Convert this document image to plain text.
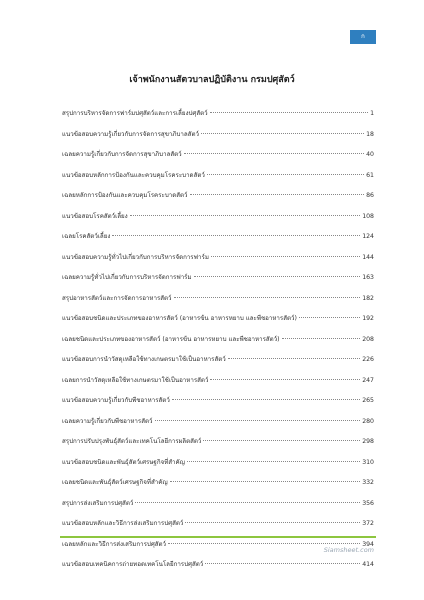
ก
เจ้าพนักงานสัตวบาลปฏิบัติงาน กรมปศุสัตว์
สรุปการบริหารจัดการฟาร์มปศุสัตว์และการเลี้ยงปศุสัตว์	1
แนวข้อสอบความรู้เกี่ยวกับการจัดการสุขาภิบาลสัตว์	18
เฉลยความรู้เกี่ยวกับการจัดการสุขาภิบาลสัตว์	40
แนวข้อสอบหลักการป้องกันและควบคุมโรคระบาดสัตว์	61
เฉลยหลักการป้องกันและควบคุมโรคระบาดสัตว์	86
แนวข้อสอบโรคสัตว์เลี้ยง	108
เฉลยโรคสัตว์เลี้ยง	124
แนวข้อสอบความรู้ทั่วไปเกี่ยวกับการบริหารจัดการฟาร์ม	144
เฉลยความรู้ทั่วไปเกี่ยวกับการบริหารจัดการฟาร์ม	163
สรุปอาหารสัตว์และการจัดการอาหารสัตว์	182
แนวข้อสอบชนิดและประเภทของอาหารสัตว์ (อาหารข้น อาหารหยาบ และพืชอาหารสัตว์)	192
เฉลยชนิดและประเภทของอาหารสัตว์ (อาหารข้น อาหารหยาบ และพืชอาหารสัตว์)	208
แนวข้อสอบการนำวัสดุเหลือใช้ทางเกษตรมาใช้เป็นอาหารสัตว์	226
เฉลยการนำวัสดุเหลือใช้ทางเกษตรมาใช้เป็นอาหารสัตว์	247
แนวข้อสอบความรู้เกี่ยวกับพืชอาหารสัตว์	265
เฉลยความรู้เกี่ยวกับพืชอาหารสัตว์	280
สรุปการปรับปรุงพันธุ์สัตว์และเทคโนโลยีการผลิตสัตว์	298
แนวข้อสอบชนิดและพันธุ์สัตว์เศรษฐกิจที่สำคัญ	310
เฉลยชนิดและพันธุ์สัตว์เศรษฐกิจที่สำคัญ	332
สรุปการส่งเสริมการปศุสัตว์	356
แนวข้อสอบหลักและวิธีการส่งเสริมการปศุสัตว์	372
เฉลยหลักและวิธีการส่งเสริมการปศุสัตว์	394
แนวข้อสอบเทคนิคการถ่ายทอดเทคโนโลยีการปศุสัตว์	414
Siamsheet.com
